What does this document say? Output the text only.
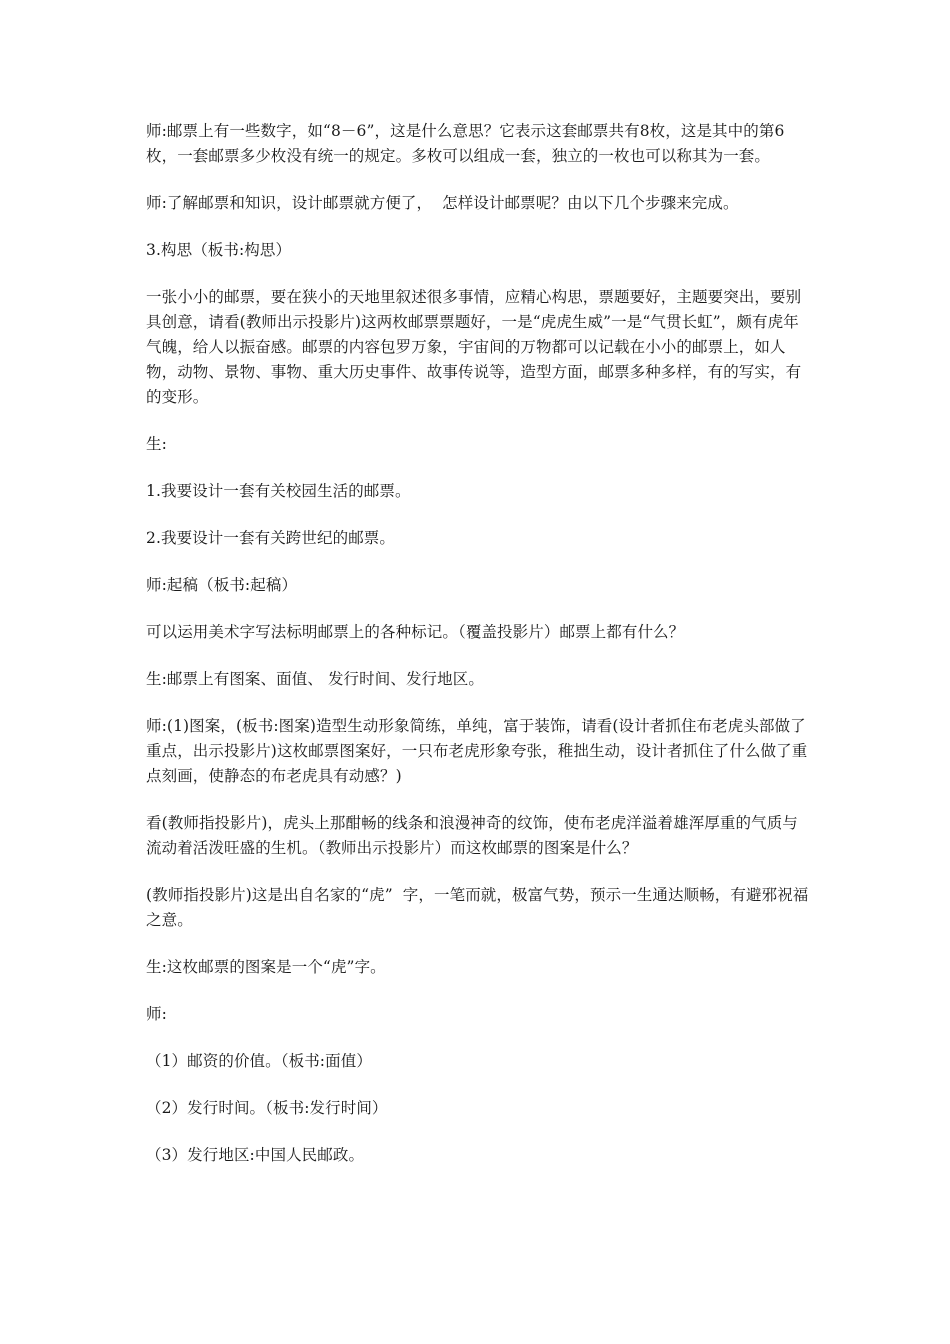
师:邮票上有一些数字，如“8－6”，这是什么意思？它表示这套邮票共有8枚，这是其中的第6枚，一套邮票多少枚没有统一的规定。多枚可以组成一套，独立的一枚也可以称其为一套。

师:了解邮票和知识，设计邮票就方便了，  怎样设计邮票呢？由以下几个步骤来完成。

3.构思（板书:构思）

一张小小的邮票，要在狭小的天地里叙述很多事情，应精心构思，票题要好，主题要突出，要别具创意，请看(教师出示投影片)这两枚邮票票题好，一是“虎虎生威”一是“气贯长虹”，颇有虎年气魄，给人以振奋感。邮票的内容包罗万象，宇宙间的万物都可以记载在小小的邮票上，如人物，动物、景物、事物、重大历史事件、故事传说等，造型方面，邮票多种多样，有的写实，有的变形。

生:

1.我要设计一套有关校园生活的邮票。

2.我要设计一套有关跨世纪的邮票。

师:起稿（板书:起稿）

可以运用美术字写法标明邮票上的各种标记。（覆盖投影片）邮票上都有什么？

生:邮票上有图案、面值、 发行时间、发行地区。

师:(1)图案，(板书:图案)造型生动形象简练，单纯，富于装饰，请看(设计者抓住布老虎头部做了重点，出示投影片)这枚邮票图案好，一只布老虎形象夸张，稚拙生动，设计者抓住了什么做了重点刻画，使静态的布老虎具有动感？)

看(教师指投影片)，虎头上那酣畅的线条和浪漫神奇的纹饰，使布老虎洋溢着雄浑厚重的气质与流动着活泼旺盛的生机。（教师出示投影片）而这枚邮票的图案是什么？

(教师指投影片)这是出自名家的“虎”  字，一笔而就，极富气势，预示一生通达顺畅，有避邪祝福之意。

生:这枚邮票的图案是一个“虎”字。

师:

（1）邮资的价值。（板书:面值）

（2）发行时间。（板书:发行时间）

（3）发行地区:中国人民邮政。
